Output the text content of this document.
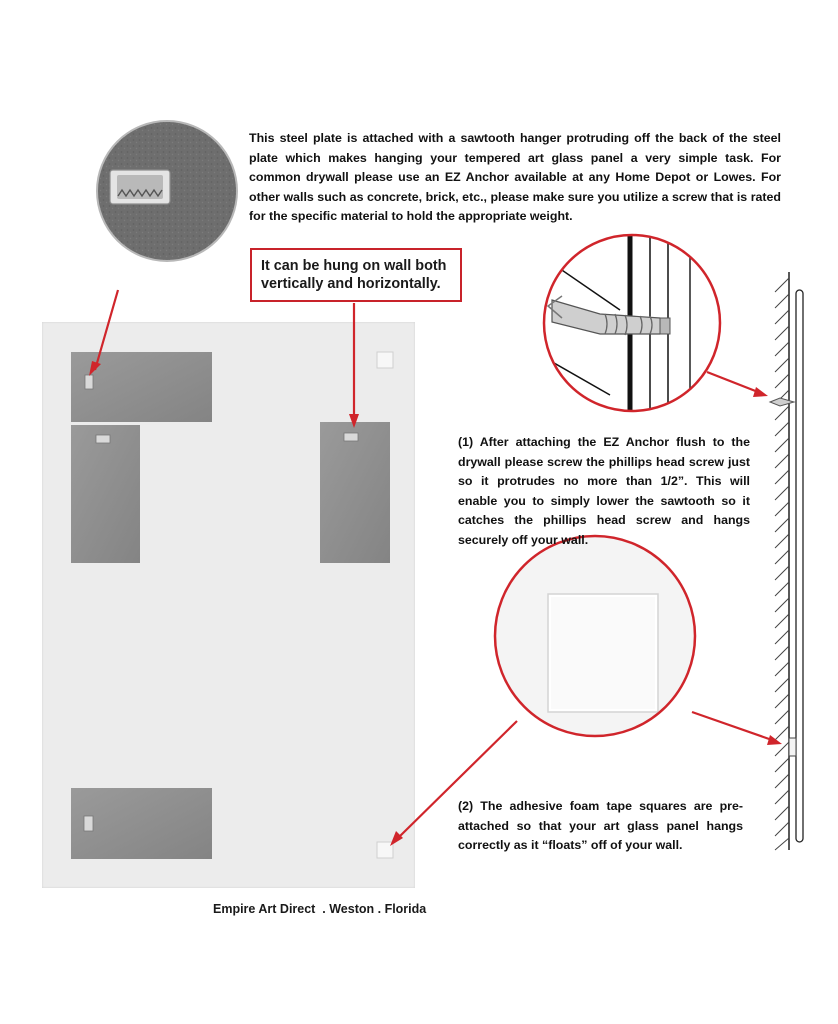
This steel plate is attached with a sawtooth hanger protruding off the back of the steel plate which makes hanging your tempered art glass panel a very simple task. For common drywall please use an EZ Anchor available at any Home Depot or Lowes. For other walls such as concrete, brick, etc., please make sure you utilize a screw that is rated for the specific material to hold the appropriate weight.

It can be hung on wall both vertically and horizontally.

(1) After attaching the EZ Anchor flush to the drywall please screw the phillips head screw just so it protrudes no more than 1/2”. This will enable you to simply lower the sawtooth so it catches the phillips head screw and hangs securely off your wall.

(2) The adhesive foam tape squares are pre-attached so that your art glass panel hangs correctly as it “floats” off of your wall.

Empire Art Direct  . Weston . Florida
